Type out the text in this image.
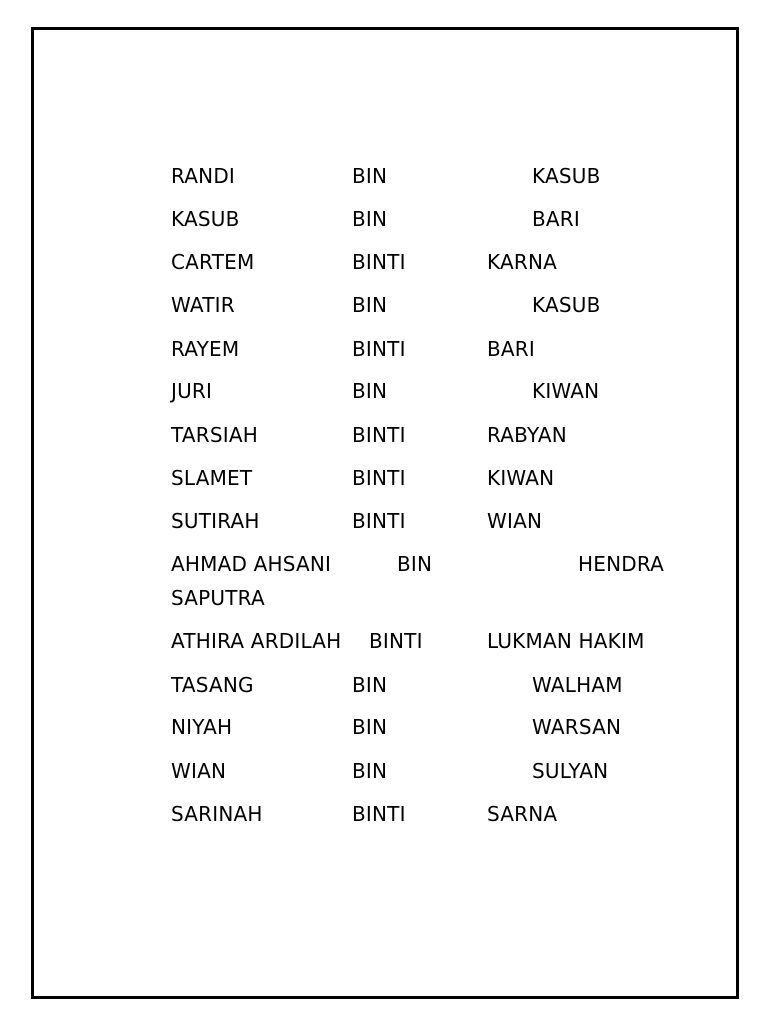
RANDI	BIN	KASUB
KASUB	BIN	BARI
CARTEM	BINTI	KARNA
WATIR	BIN	KASUB
RAYEM	BINTI	BARI
JURI	BIN	KIWAN
TARSIAH	BINTI	RABYAN
SLAMET	BINTI	KIWAN
SUTIRAH	BINTI	WIAN
AHMAD AHSANI	BIN	HENDRA
SAPUTRA
ATHIRA ARDILAH BINTI	LUKMAN HAKIM
TASANG	BIN	WALHAM
NIYAH	BIN	WARSAN
WIAN	BIN	SULYAN
SARINAH	BINTI	SARNA
